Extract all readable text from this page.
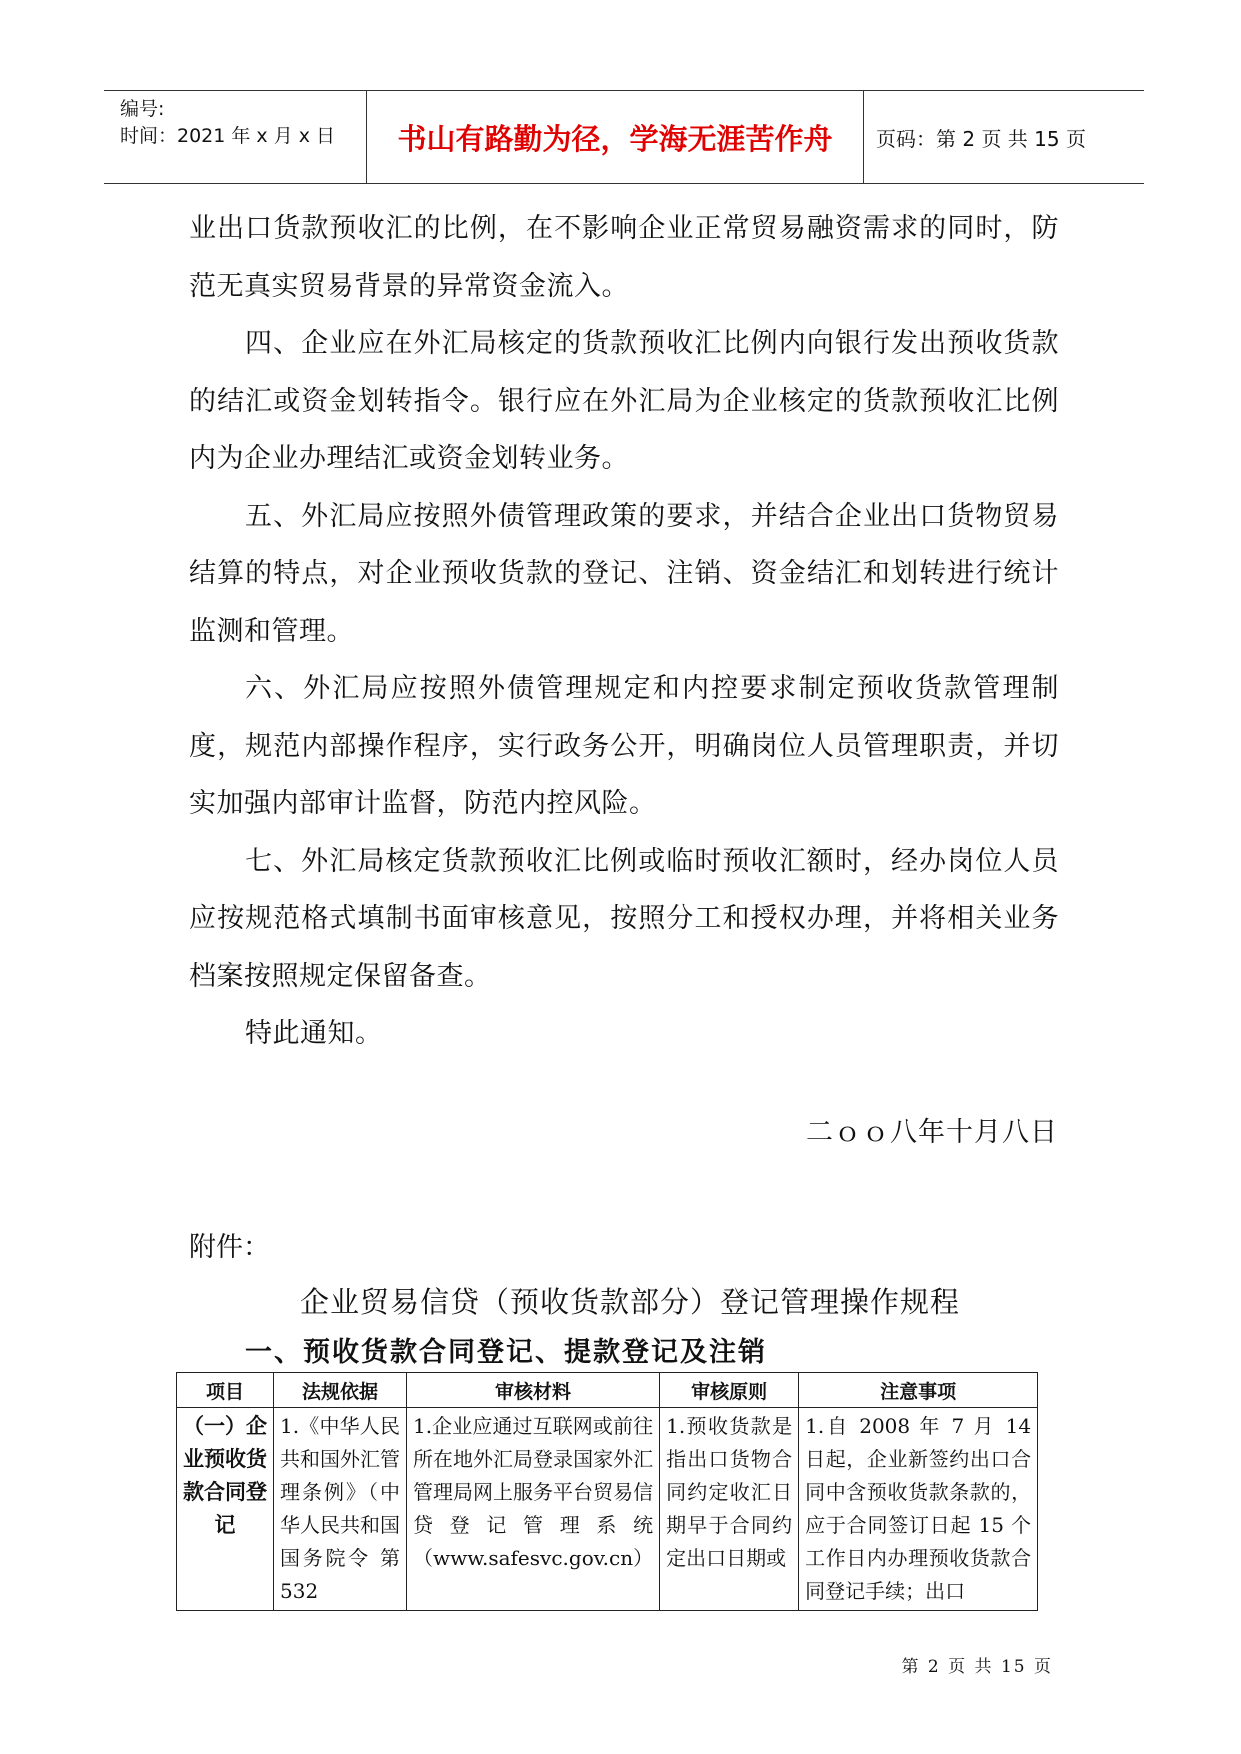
编号:
时间：2021 年 x 月 x 日	书山有路勤为径，学海无涯苦作舟	页码：第 2 页 共 15 页

业出口货款预收汇的比例，在不影响企业正常贸易融资需求的同时，防范无真实贸易背景的异常资金流入。

四、企业应在外汇局核定的货款预收汇比例内向银行发出预收货款的结汇或资金划转指令。银行应在外汇局为企业核定的货款预收汇比例内为企业办理结汇或资金划转业务。

五、外汇局应按照外债管理政策的要求，并结合企业出口货物贸易结算的特点，对企业预收货款的登记、注销、资金结汇和划转进行统计监测和管理。

六、外汇局应按照外债管理规定和内控要求制定预收货款管理制度，规范内部操作程序，实行政务公开，明确岗位人员管理职责，并切实加强内部审计监督，防范内控风险。

七、外汇局核定货款预收汇比例或临时预收汇额时，经办岗位人员应按规范格式填制书面审核意见，按照分工和授权办理，并将相关业务档案按照规定保留备查。

特此通知。

二ｏｏ八年十月八日
附件：
企业贸易信贷（预收货款部分）登记管理操作规程
一、预收货款合同登记、提款登记及注销
项目	法规依据	审核材料	审核原则	注意事项
（一）企业预收货款合同登记	1.《中华人民共和国外汇管理条例》（中华人民共和国国务院令 第532	1.企业应通过互联网或前往所在地外汇局登录国家外汇管理局网上服务平台贸易信贷登记管理系统（www.safesvc.gov.cn）	1.预收货款是指出口货物合同约定收汇日期早于合同约定出口日期或	1.自 2008 年 7 月 14 日起，企业新签约出口合同中含预收货款条款的，应于合同签订日起 15 个工作日内办理预收货款合同登记手续；出口
第 2 页 共 15 页
